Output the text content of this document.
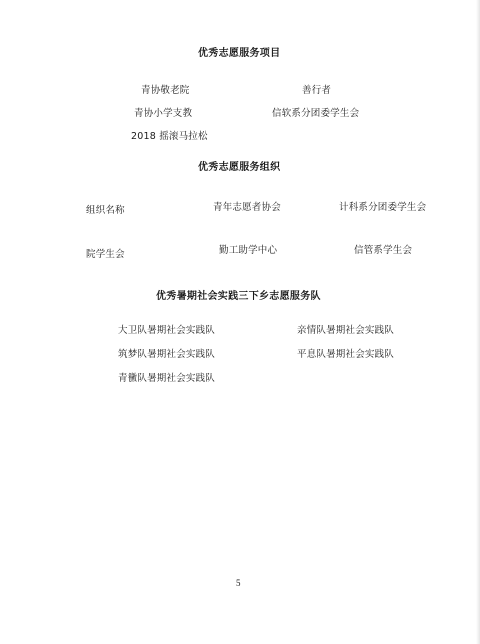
优秀志愿服务项目
青协敬老院	善行者
青协小学支教	信软系分团委学生会
2018 摇滚马拉松
优秀志愿服务组织
组织名称	青年志愿者协会	计科系分团委学生会
院学生会	勤工助学中心	信管系学生会
优秀暑期社会实践三下乡志愿服务队
大卫队暑期社会实践队	亲情队暑期社会实践队
筑梦队暑期社会实践队	平息队暑期社会实践队
青黴队暑期社会实践队
5
